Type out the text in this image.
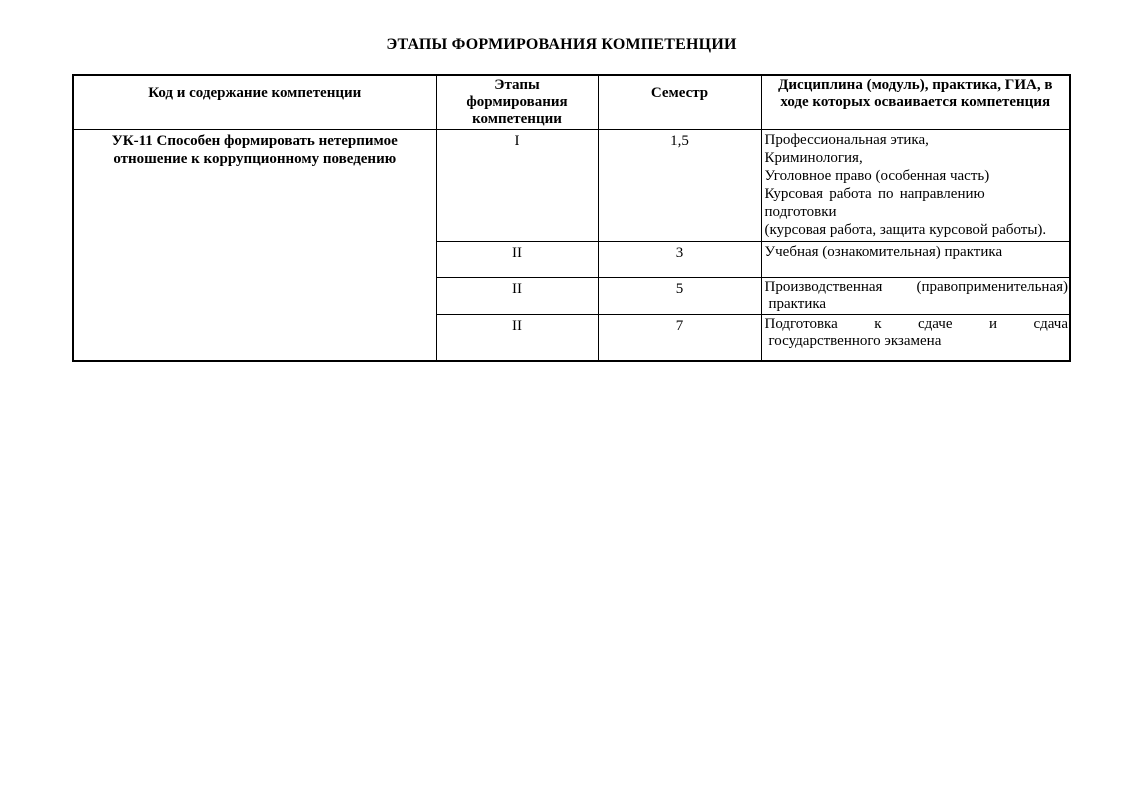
ЭТАПЫ ФОРМИРОВАНИЯ КОМПЕТЕНЦИИ
Код и содержание компетенции	Этапы формирования компетенции	Семестр	Дисциплина (модуль), практика, ГИА, в ходе которых осваивается компетенция
УК-11 Способен формировать нетерпимое отношение к коррупционному поведению	I	1,5	Профессиональная этика,
Криминология,
Уголовное право (особенная часть)
Курсовая работа по направлению
подготовки
(курсовая работа, защита курсовой работы).

	II	3	Учебная (ознакомительная) практика

	II	5	Производственная (правоприменительная)
практика

	II	7	Подготовка к сдаче и сдача
государственного экзамена
